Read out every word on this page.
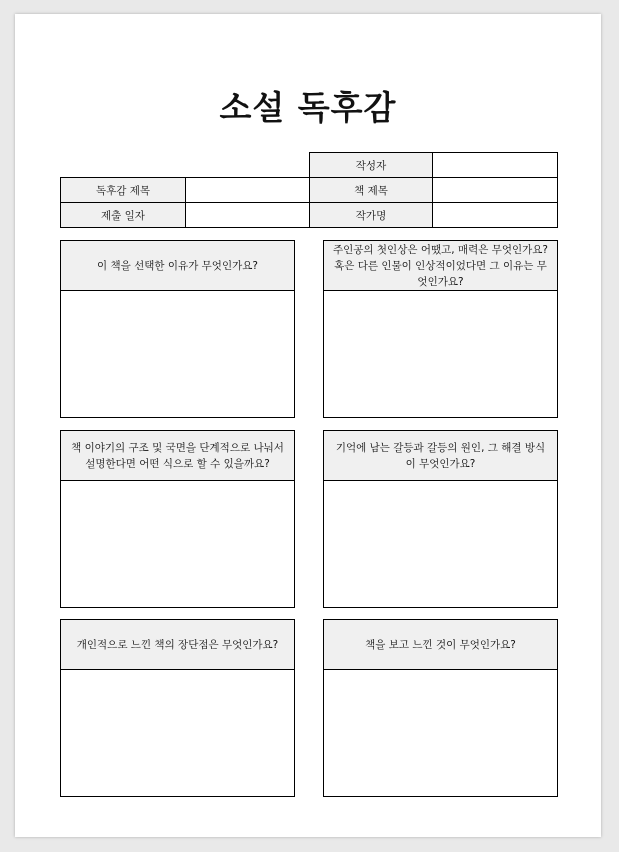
소설 독후감
		작성자	
독후감 제목		책 제목	
제출 일자		작가명	
이 책을 선택한 이유가 무엇인가요?
주인공의 첫인상은 어땠고, 매력은 무엇인가요? 혹은 다른 인물이 인상적이었다면 그 이유는 무엇인가요?
책 이야기의 구조 및 국면을 단계적으로 나눠서 설명한다면 어떤 식으로 할 수 있을까요?
기억에 남는 갈등과 갈등의 원인, 그 해결 방식이 무엇인가요?
개인적으로 느낀 책의 장단점은 무엇인가요?	책을 보고 느낀 것이 무엇인가요?
